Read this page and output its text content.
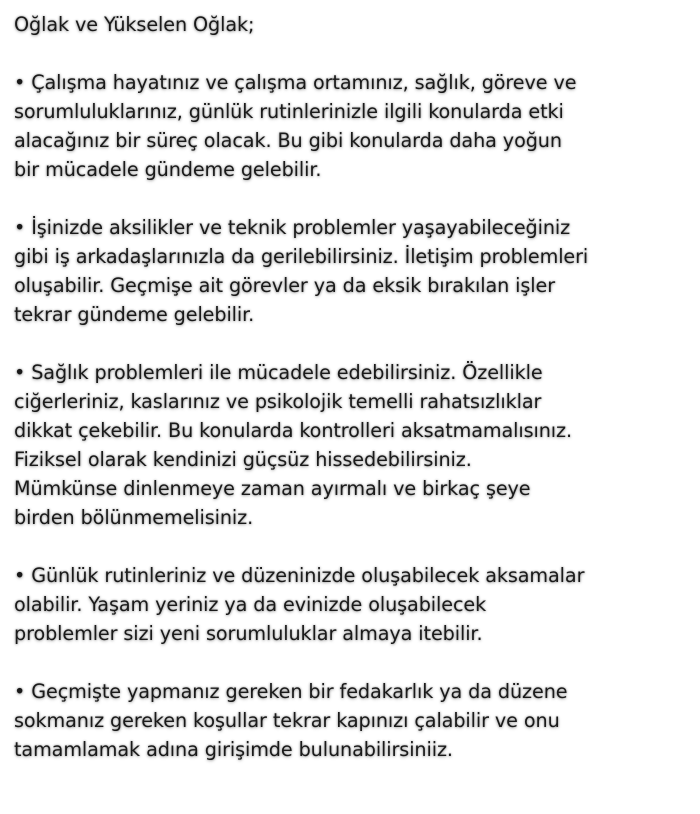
Oğlak ve Yükselen Oğlak;
• Çalışma hayatınız ve çalışma ortamınız, sağlık, göreve ve
sorumluluklarınız, günlük rutinlerinizle ilgili konularda etki
alacağınız bir süreç olacak. Bu gibi konularda daha yoğun
bir mücadele gündeme gelebilir.
• İşinizde aksilikler ve teknik problemler yaşayabileceğiniz
gibi iş arkadaşlarınızla da gerilebilirsiniz. İletişim problemleri
oluşabilir. Geçmişe ait görevler ya da eksik bırakılan işler
tekrar gündeme gelebilir.
• Sağlık problemleri ile mücadele edebilirsiniz. Özellikle
ciğerleriniz, kaslarınız ve psikolojik temelli rahatsızlıklar
dikkat çekebilir. Bu konularda kontrolleri aksatmamalısınız.
Fiziksel olarak kendinizi güçsüz hissedebilirsiniz.
Mümkünse dinlenmeye zaman ayırmalı ve birkaç şeye
birden bölünmemelisiniz.
• Günlük rutinleriniz ve düzeninizde oluşabilecek aksamalar
olabilir. Yaşam yeriniz ya da evinizde oluşabilecek
problemler sizi yeni sorumluluklar almaya itebilir.
• Geçmişte yapmanız gereken bir fedakarlık ya da düzene
sokmanız gereken koşullar tekrar kapınızı çalabilir ve onu
tamamlamak adına girişimde bulunabilirsiniiz.
